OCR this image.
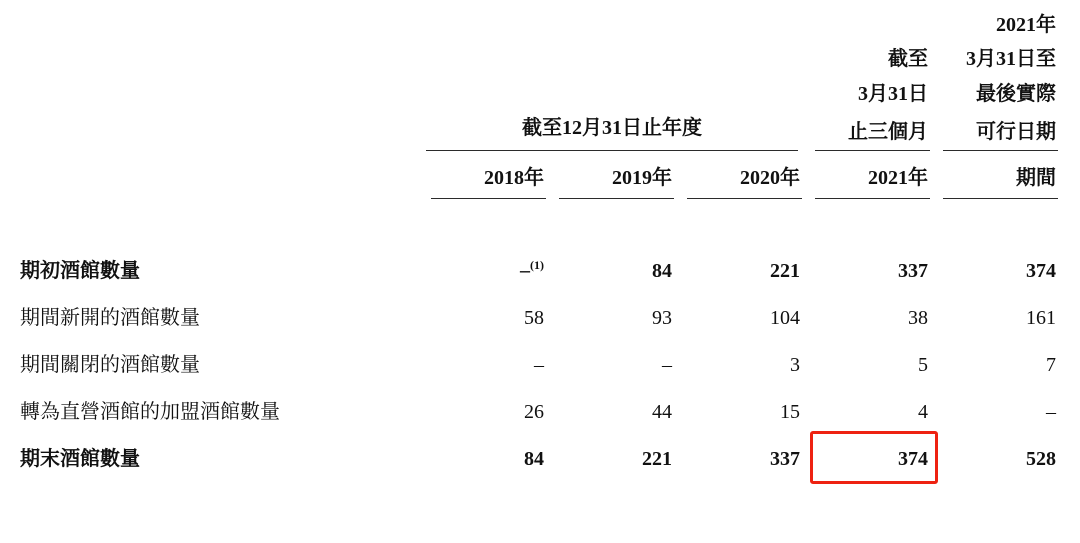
					2021年
				截至	3月31日至
				3月31日	最後實際
	截至12月31日止年度			止三個月	可行日期

	2018年	2019年	2020年	2021年	期間

期初酒館數量	–$^{(1)}$	84	221	337	374
期間新開的酒館數量	58	93	104	38	161
期間關閉的酒館數量	–	–	3	5	7
轉為直營酒館的加盟酒館數量	26	44	15	4	–
期末酒館數量	84	221	337	374	528
